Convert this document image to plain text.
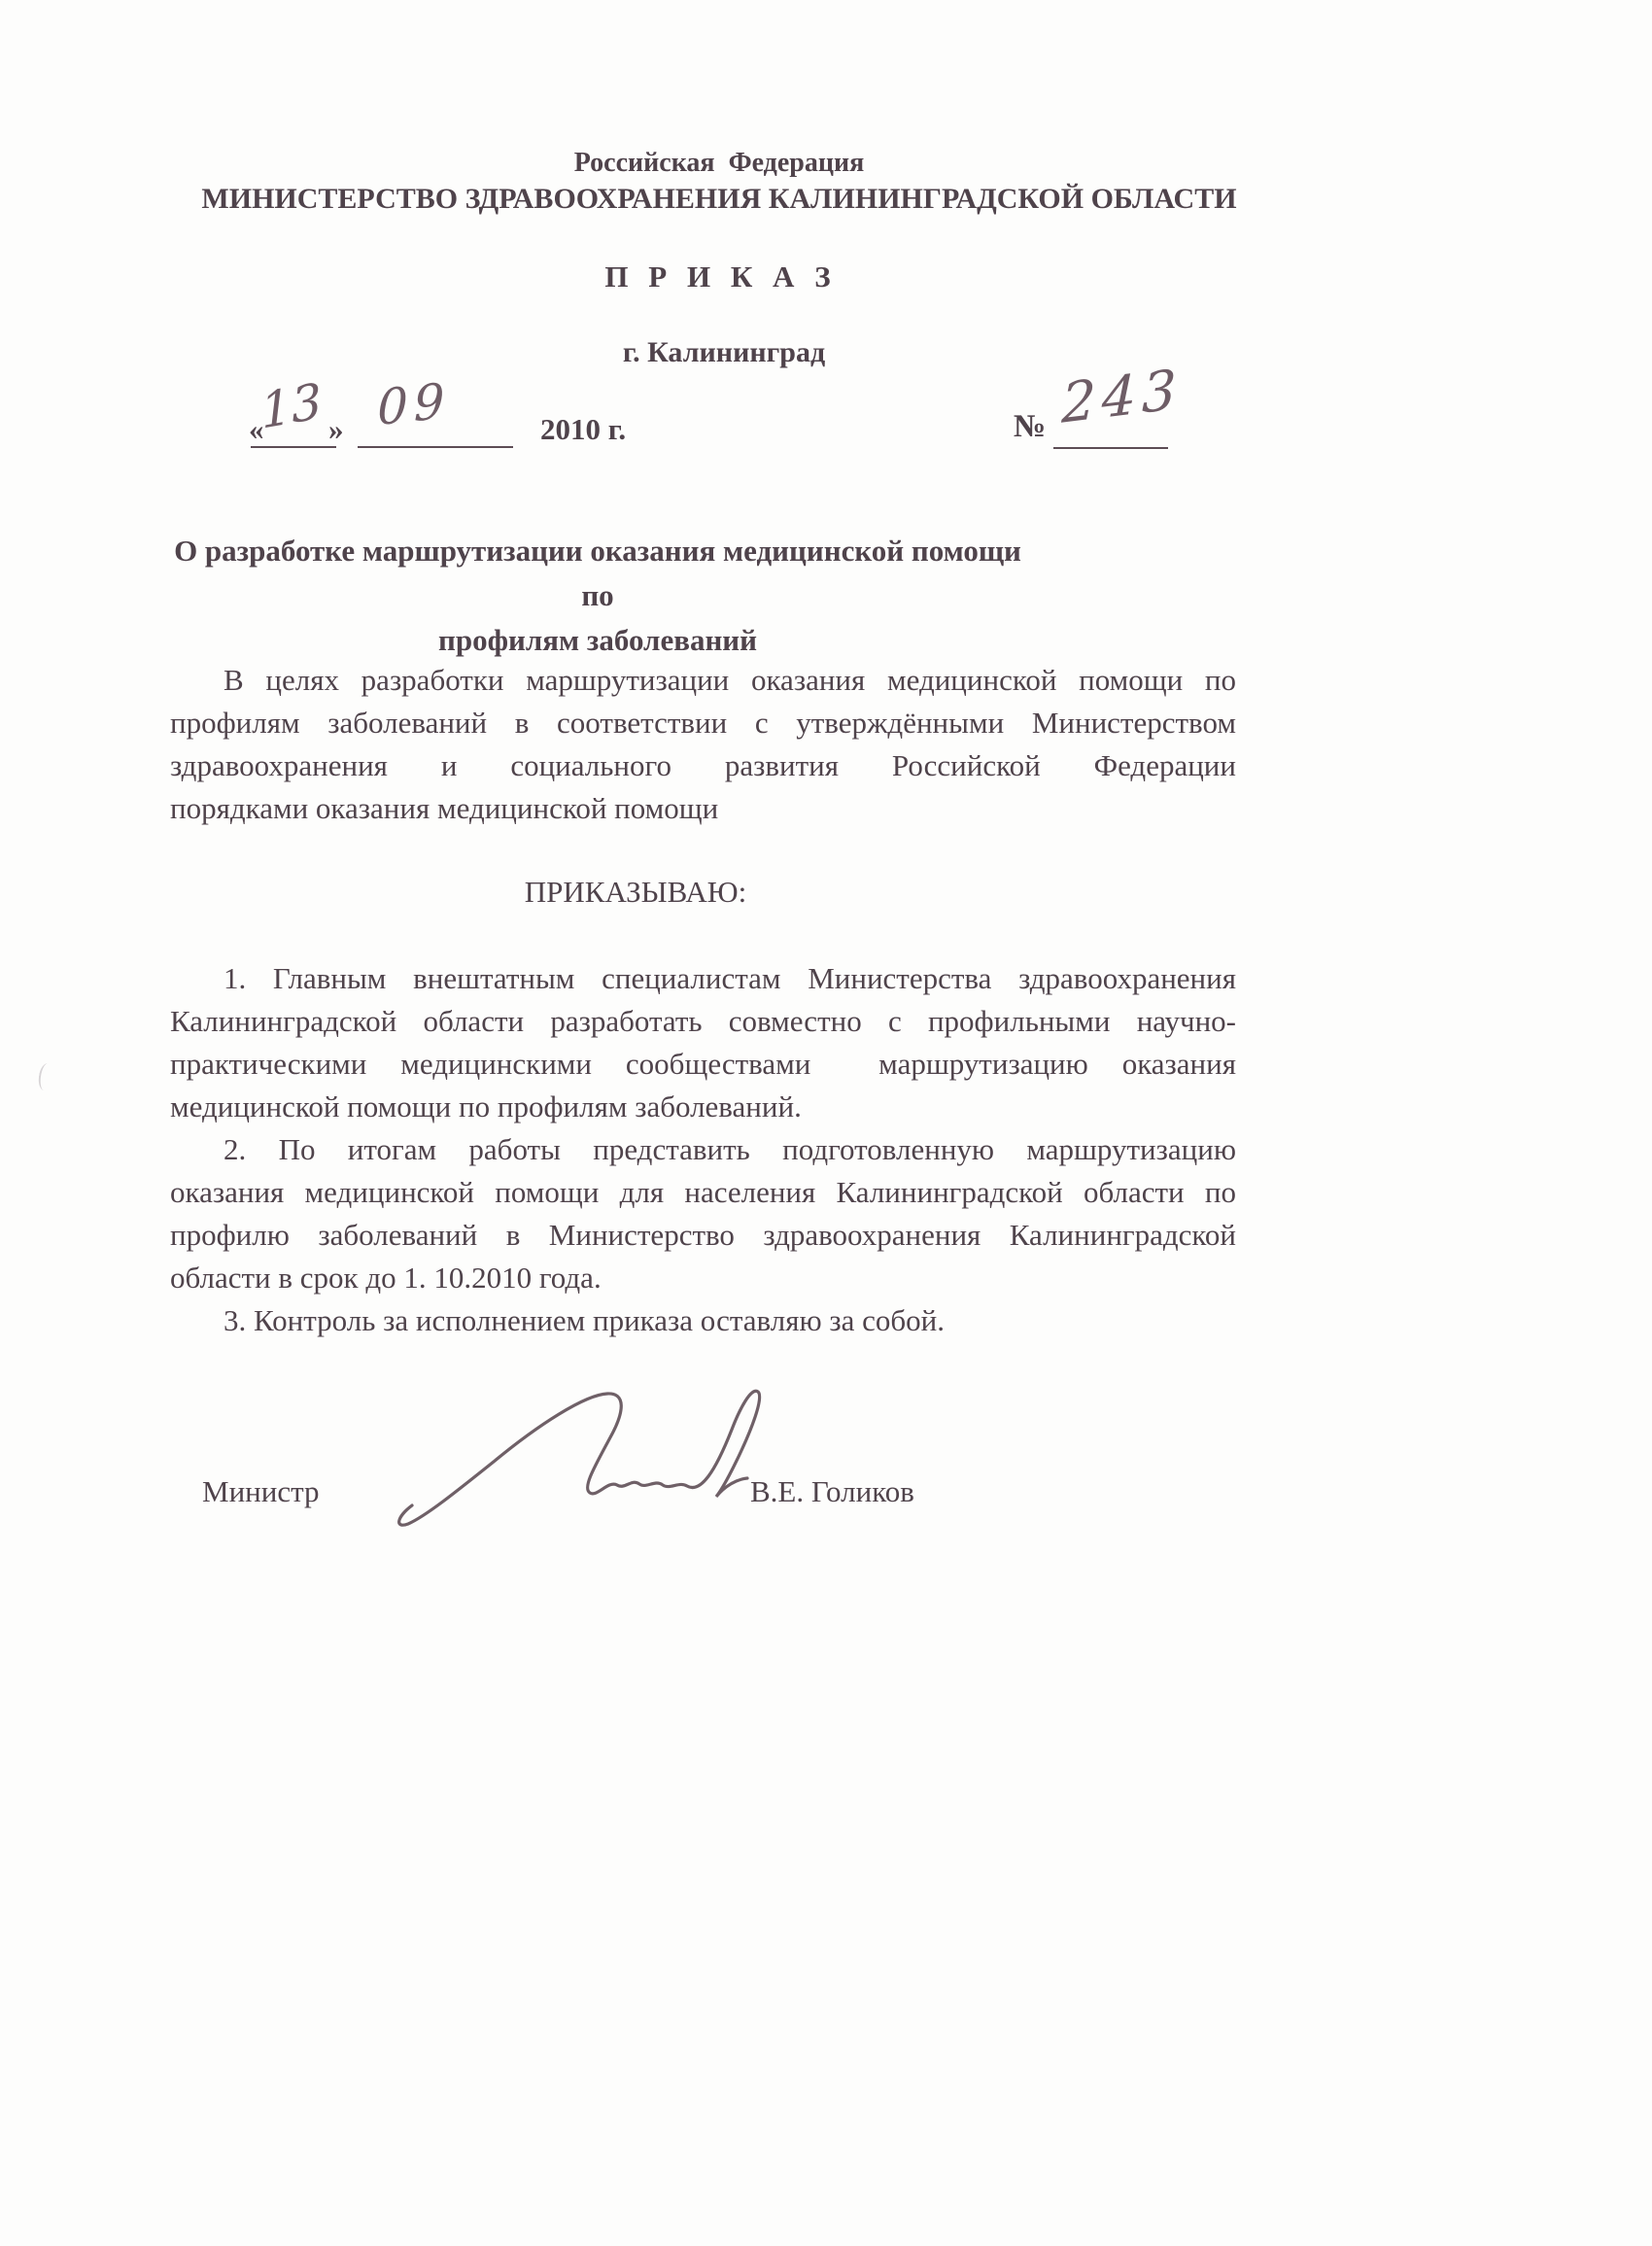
Российская  Федерация
МИНИСТЕРСТВО ЗДРАВООХРАНЕНИЯ КАЛИНИНГРАДСКОЙ ОБЛАСТИ
П Р И К А З
г. Калининград
«
13 » 09	2010 г.	№ 243
О разработке маршрутизации оказания медицинской помощи по
профилям заболеваний
В целях разработки маршрутизации оказания медицинской помощи по
профилям заболеваний в соответствии с утверждёнными Министерством
здравоохранения и социального развития Российской Федерации
порядками оказания медицинской помощи
ПРИКАЗЫВАЮ:
1. Главным внештатным специалистам Министерства здравоохранения
Калининградской области разработать совместно с профильными научно-
практическими медицинскими сообществами  маршрутизацию оказания
медицинской помощи по профилям заболеваний.
2. По итогам работы представить подготовленную маршрутизацию
оказания медицинской помощи для населения Калининградской области по
профилю заболеваний в Министерство здравоохранения Калининградской
области в срок до 1. 10.2010 года.
3. Контроль за исполнением приказа оставляю за собой.
Министр	В.Е. Голиков
